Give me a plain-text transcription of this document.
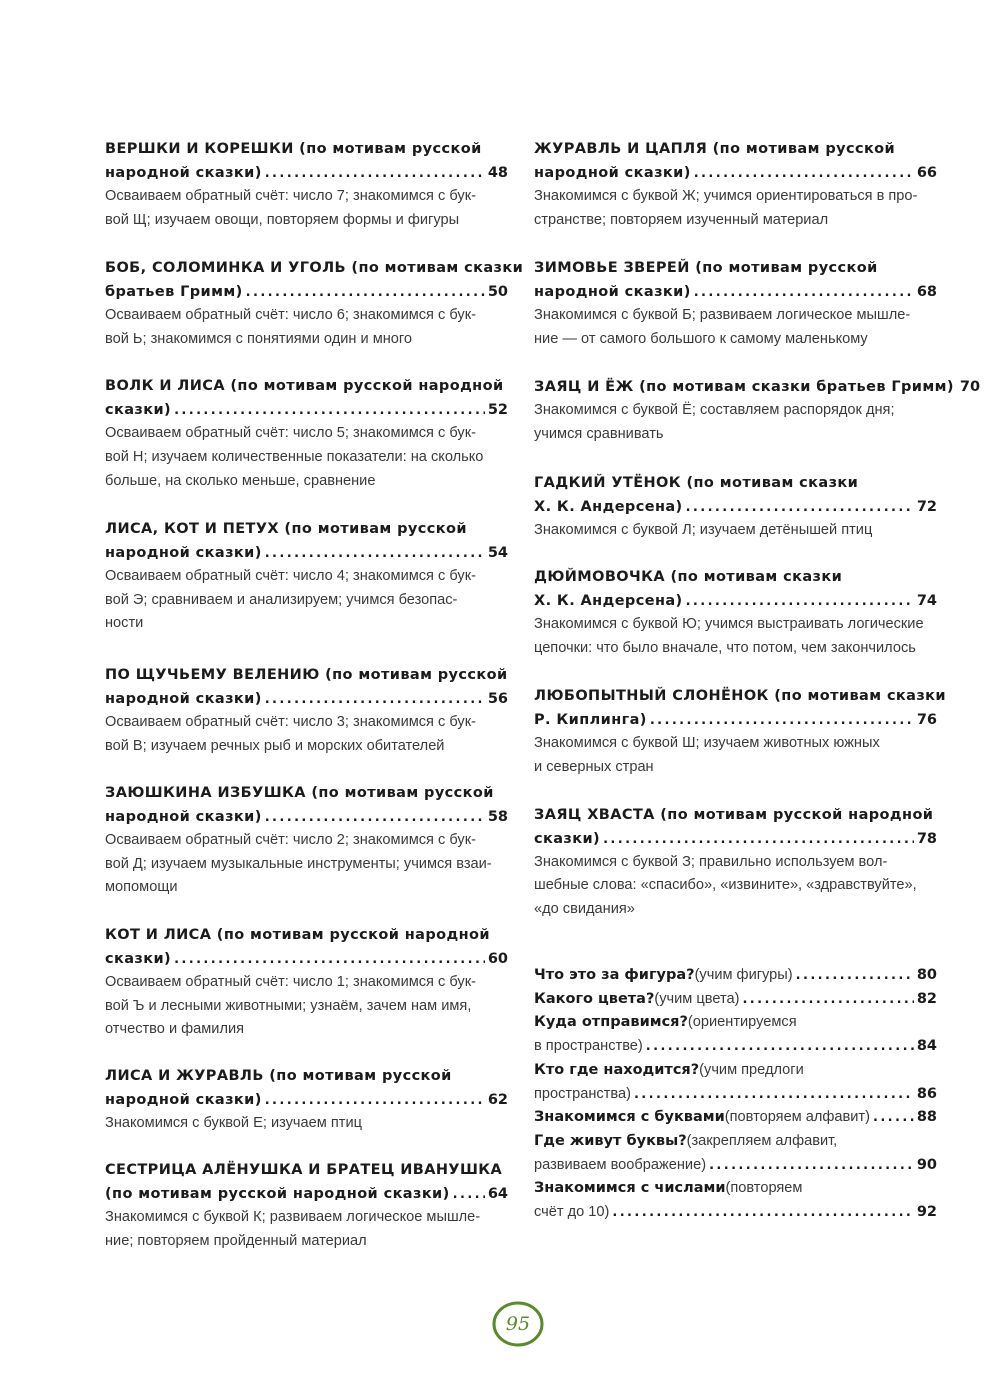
ВЕРШКИ И КОРЕШКИ (по мотивам русской
народной сказки) .....	48
Осваиваем обратный счёт: число 7; знакомимся с бук-
вой Щ; изучаем овощи, повторяем формы и фигуры
БОБ, СОЛОМИНКА И УГОЛЬ (по мотивам сказки
братьев Гримм) .....	50
Осваиваем обратный счёт: число 6; знакомимся с бук-
вой Ь; знакомимся с понятиями один и много
ВОЛК И ЛИСА (по мотивам русской народной
сказки) .....	52
Осваиваем обратный счёт: число 5; знакомимся с бук-
вой Н; изучаем количественные показатели: на сколько
больше, на сколько меньше, сравнение
ЛИСА, КОТ И ПЕТУХ (по мотивам русской
народной сказки) .....	54
Осваиваем обратный счёт: число 4; знакомимся с бук-
вой Э; сравниваем и анализируем; учимся безопас-
ности
ПО ЩУЧЬЕМУ ВЕЛЕНИЮ (по мотивам русской
народной сказки) .....	56
Осваиваем обратный счёт: число 3; знакомимся с бук-
вой В; изучаем речных рыб и морских обитателей
ЗАЮШКИНА ИЗБУШКА (по мотивам русской
народной сказки) .....	58
Осваиваем обратный счёт: число 2; знакомимся с бук-
вой Д; изучаем музыкальные инструменты; учимся взаи-
мопомощи
КОТ И ЛИСА (по мотивам русской народной
сказки) .....	60
Осваиваем обратный счёт: число 1; знакомимся с бук-
вой Ъ и лесными животными; узнаём, зачем нам имя,
отчество и фамилия
ЛИСА И ЖУРАВЛЬ (по мотивам русской
народной сказки) .....	62
Знакомимся с буквой Е; изучаем птиц
СЕСТРИЦА АЛЁНУШКА И БРАТЕЦ ИВАНУШКА
(по мотивам русской народной сказки) .....	64
Знакомимся с буквой К; развиваем логическое мышле-
ние; повторяем пройденный материал
ЖУРАВЛЬ И ЦАПЛЯ (по мотивам русской
народной сказки) .....	66
Знакомимся с буквой Ж; учимся ориентироваться в про-
странстве; повторяем изученный материал
ЗИМОВЬЕ ЗВЕРЕЙ (по мотивам русской
народной сказки) .....	68
Знакомимся с буквой Б; развиваем логическое мышле-
ние — от самого большого к самому маленькому
ЗАЯЦ И ЁЖ (по мотивам сказки братьев Гримм) 70
Знакомимся с буквой Ё; составляем распорядок дня;
учимся сравнивать
ГАДКИЙ УТЁНОК (по мотивам сказки
Х. К. Андерсена) .....	72
Знакомимся с буквой Л; изучаем детёнышей птиц
ДЮЙМОВОЧКА (по мотивам сказки
Х. К. Андерсена) .....	74
Знакомимся с буквой Ю; учимся выстраивать логические
цепочки: что было вначале, что потом, чем закончилось
ЛЮБОПЫТНЫЙ СЛОНЁНОК (по мотивам сказки
Р. Киплинга) .....	76
Знакомимся с буквой Ш; изучаем животных южных
и северных стран
ЗАЯЦ ХВАСТА (по мотивам русской народной
сказки) .....	78
Знакомимся с буквой З; правильно используем вол-
шебные слова: «спасибо», «извините», «здравствуйте»,
«до свидания»
Что это за фигура? (учим фигуры) .....	80
Какого цвета? (учим цвета) .....	82
Куда отправимся? (ориентируемся
в пространстве) .....	84
Кто где находится? (учим предлоги
пространства) .....	86
Знакомимся с буквами (повторяем алфавит) .....	88
Где живут буквы? (закрепляем алфавит,
развиваем воображение) .....	90
Знакомимся с числами (повторяем
счёт до 10) .....	92
95
